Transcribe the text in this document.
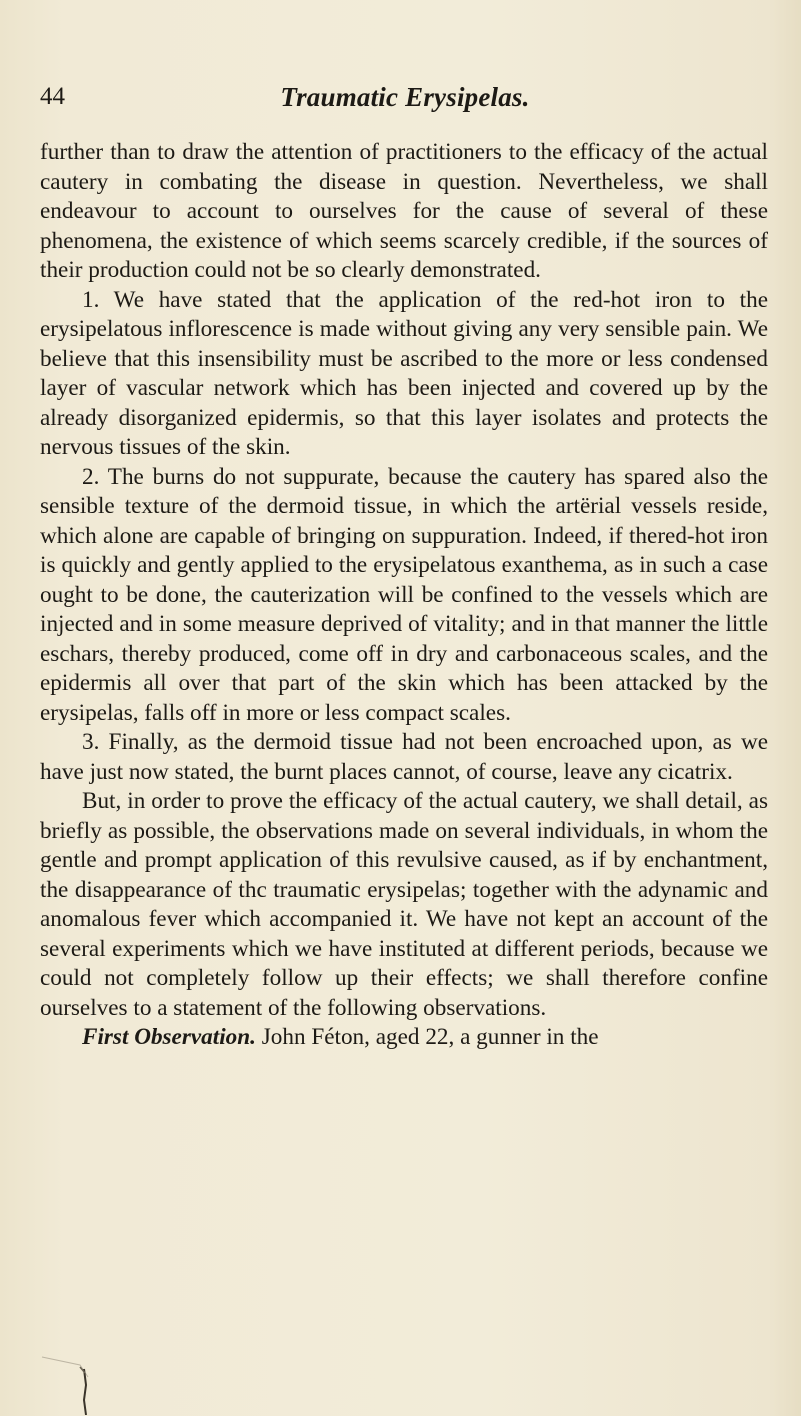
44	Traumatic Erysipelas.

further than to draw the attention of practitioners to the efficacy of the actual cautery in combating the disease in question. Nevertheless, we shall endeavour to account to ourselves for the cause of several of these phenomena, the existence of which seems scarcely credible, if the sources of their production could not be so clearly demonstrated.

1. We have stated that the application of the red-hot iron to the erysipelatous inflorescence is made without giving any very sensible pain. We believe that this insensibility must be ascribed to the more or less condensed layer of vascular network which has been injected and covered up by the already disorganized epidermis, so that this layer isolates and protects the nervous tissues of the skin.

2. The burns do not suppurate, because the cautery has spared also the sensible texture of the dermoid tissue, in which the artërial vessels reside, which alone are capable of bringing on suppuration. Indeed, if thered-hot iron is quickly and gently applied to the erysipelatous exanthema, as in such a case ought to be done, the cauterization will be confined to the vessels which are injected and in some measure deprived of vitality; and in that manner the little eschars, thereby produced, come off in dry and carbonaceous scales, and the epidermis all over that part of the skin which has been attacked by the erysipelas, falls off in more or less compact scales.

3. Finally, as the dermoid tissue had not been encroached upon, as we have just now stated, the burnt places cannot, of course, leave any cicatrix.

But, in order to prove the efficacy of the actual cautery, we shall detail, as briefly as possible, the observations made on several individuals, in whom the gentle and prompt application of this revulsive caused, as if by enchantment, the disappearance of thc traumatic erysipelas; together with the adynamic and anomalous fever which accompanied it. We have not kept an account of the several experiments which we have instituted at different periods, because we could not completely follow up their effects; we shall therefore confine ourselves to a statement of the following observations.

First Observation. John Féton, aged 22, a gunner in the
